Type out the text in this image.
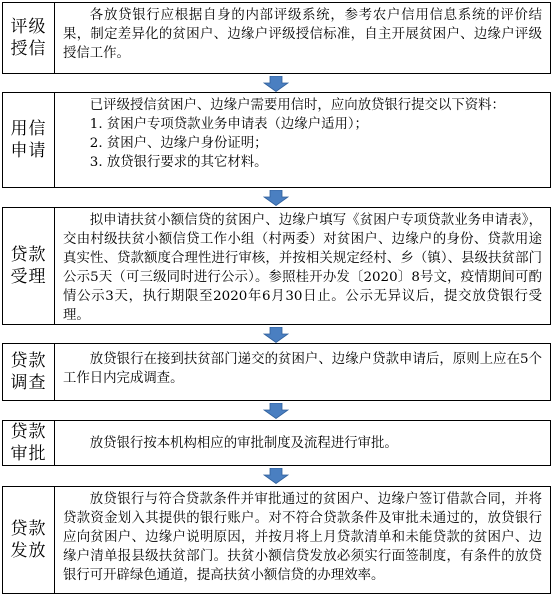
评级授信

各放贷银行应根据自身的内部评级系统，参考农户信用信息系统的评价结果，制定差异化的贫困户、边缘户评级授信标准，自主开展贫困户、边缘户评级授信工作。

用信申请

已评级授信贫困户、边缘户需要用信时，应向放贷银行提交以下资料：

1. 贫困户专项贷款业务申请表（边缘户适用）；

2. 贫困户、边缘户身份证明；

3. 放贷银行要求的其它材料。

贷款受理

拟申请扶贫小额信贷的贫困户、边缘户填写《贫困户专项贷款业务申请表》，交由村级扶贫小额信贷工作小组（村两委）对贫困户、边缘户的身份、贷款用途真实性、贷款额度合理性进行审核，并按相关规定经村、乡（镇）、县级扶贫部门公示5天（可三级同时进行公示）。参照桂开办发〔2020〕8号文，疫情期间可酌情公示3天，执行期限至2020年6月30日止。公示无异议后，提交放贷银行受理。

贷款调查

放贷银行在接到扶贫部门递交的贫困户、边缘户贷款申请后，原则上应在5个工作日内完成调查。

贷款审批

放贷银行按本机构相应的审批制度及流程进行审批。

贷款发放

放贷银行与符合贷款条件并审批通过的贫困户、边缘户签订借款合同，并将贷款资金划入其提供的银行账户。对不符合贷款条件及审批未通过的，放贷银行应向贫困户、边缘户说明原因，并按月将上月贷款清单和未能贷款的贫困户、边缘户清单报县级扶贫部门。扶贫小额信贷发放必须实行面签制度，有条件的放贷银行可开辟绿色通道，提高扶贫小额信贷的办理效率。
